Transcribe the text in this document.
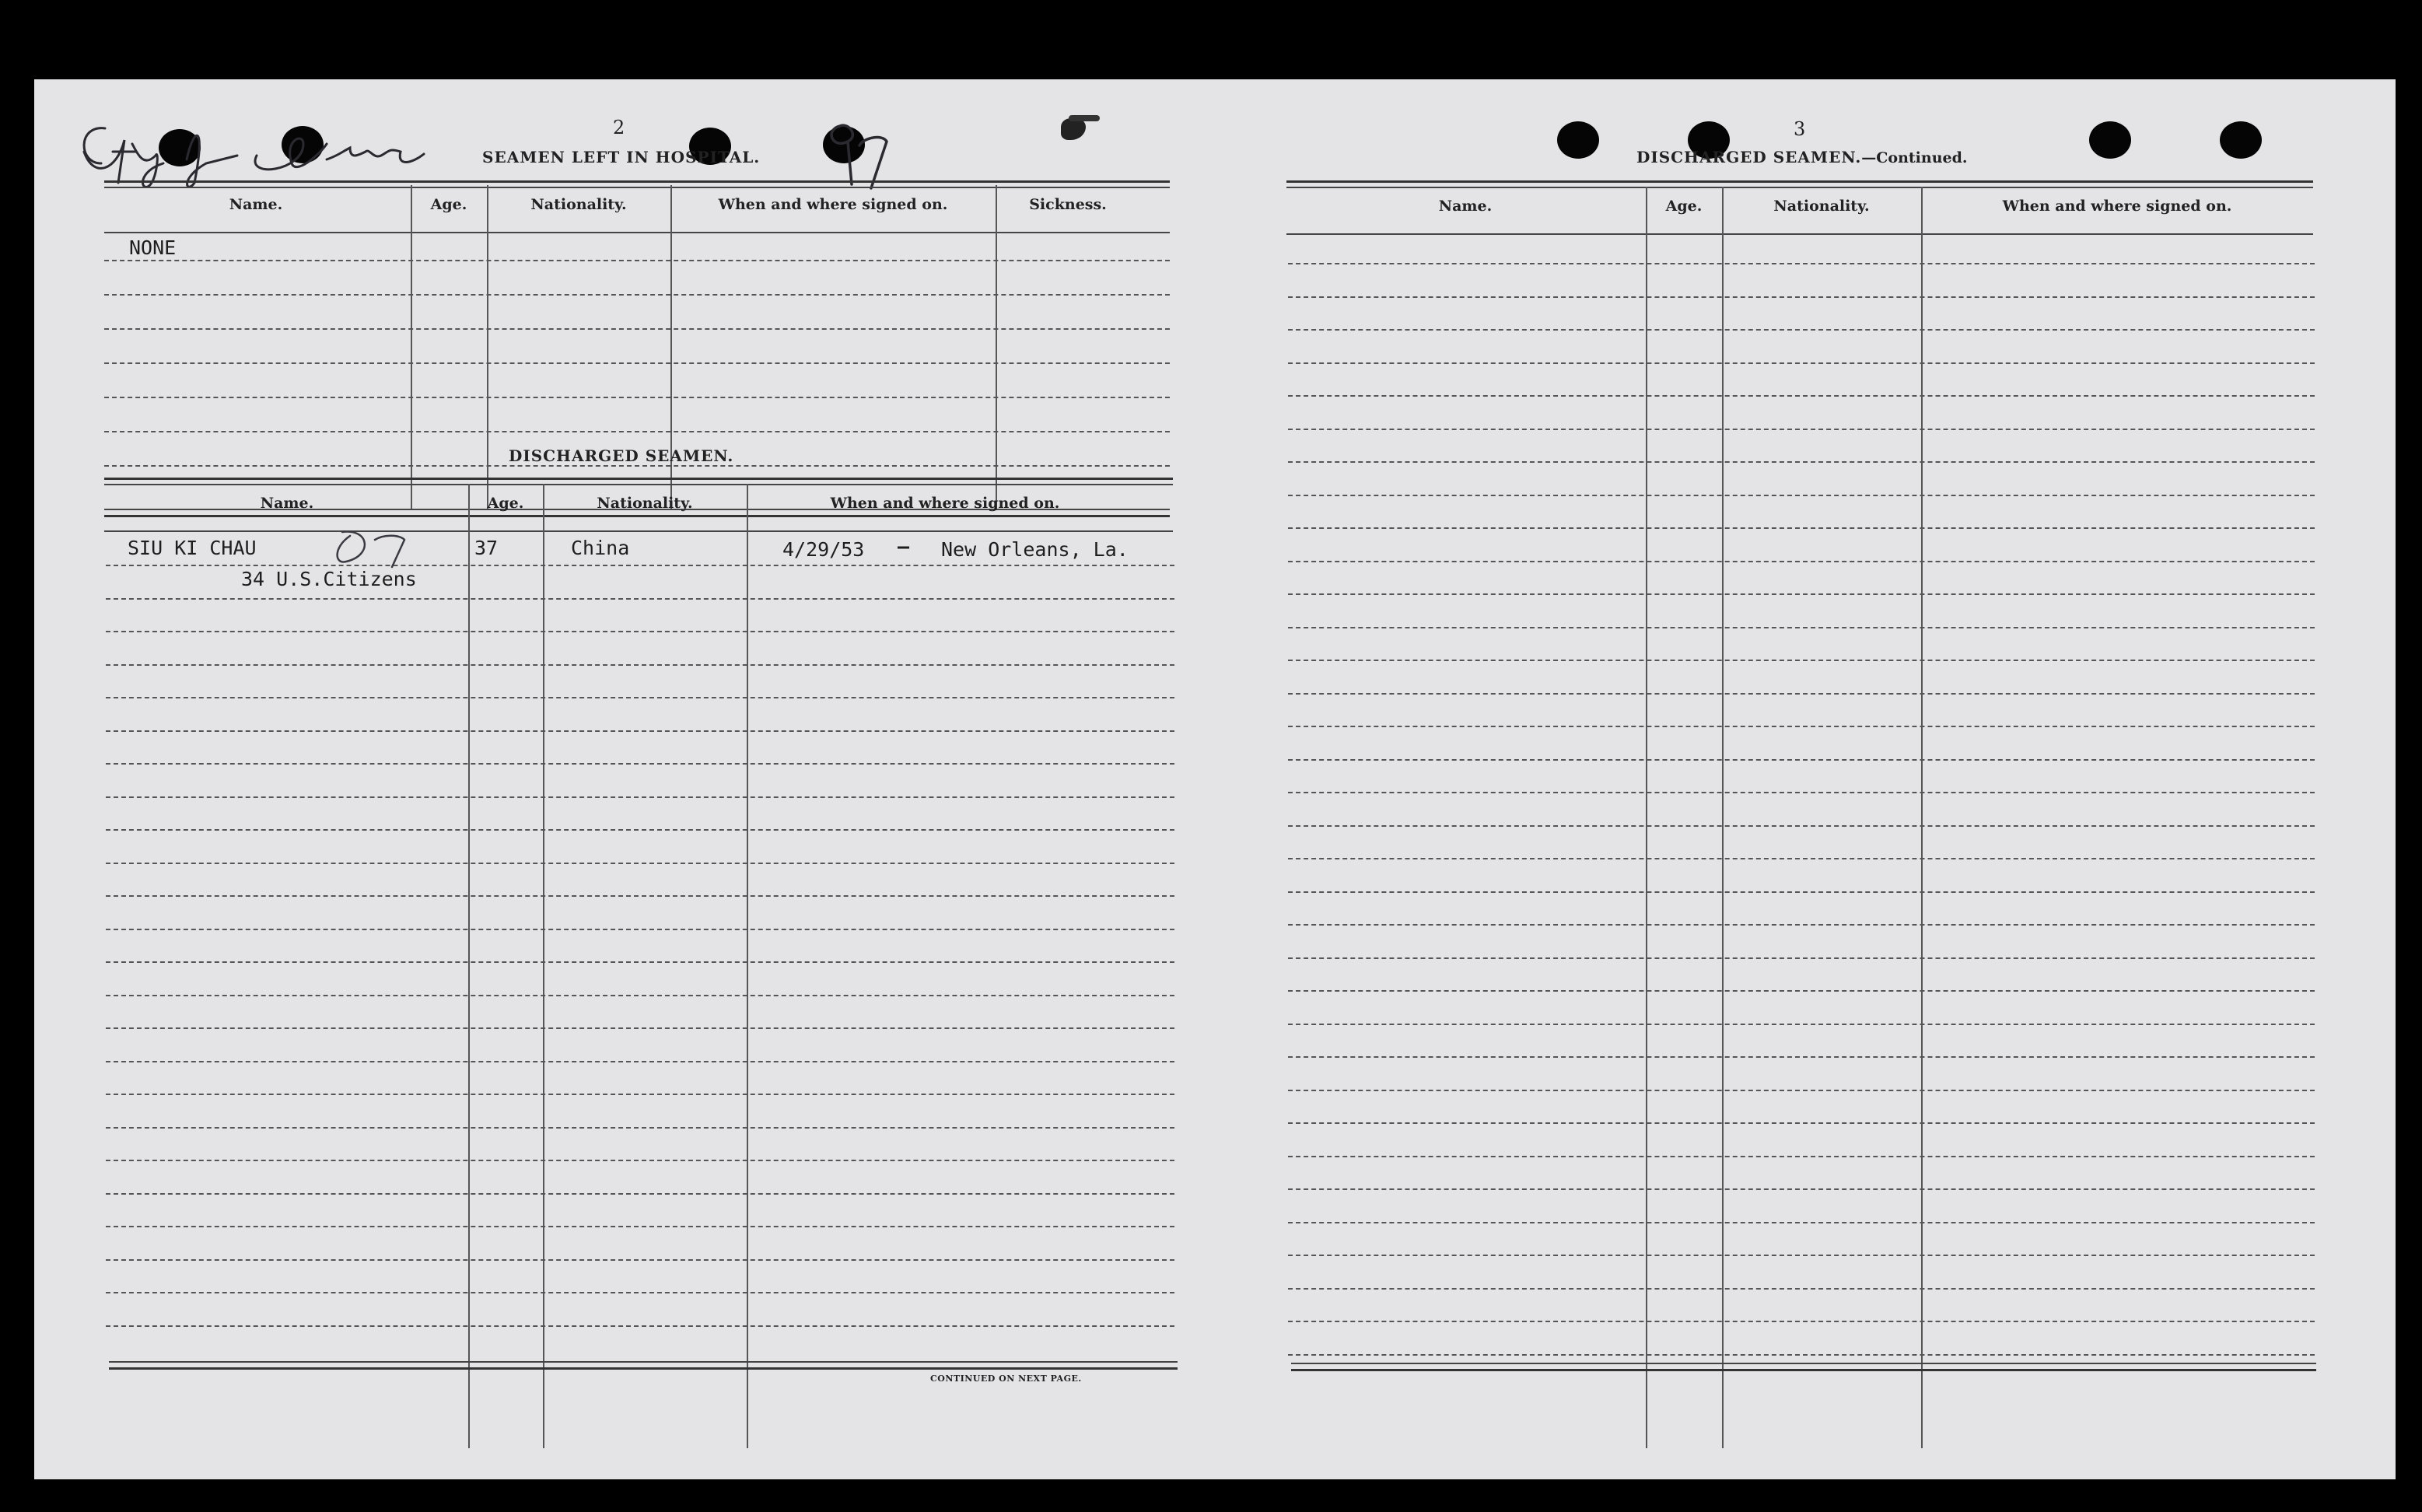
2
SEAMEN LEFT IN HOSPITAL.
Name.	Age.	Nationality.	When and where signed on.	Sickness.
NONE
DISCHARGED SEAMEN.
Name.	Age.	Nationality.	When and where signed on.
SIU KI CHAU	37	China	4/29/53 — New Orleans, La.
34 U.S.Citizens
CONTINUED ON NEXT PAGE.
3
DISCHARGED SEAMEN.—Continued.
Name.	Age.	Nationality.	When and where signed on.
